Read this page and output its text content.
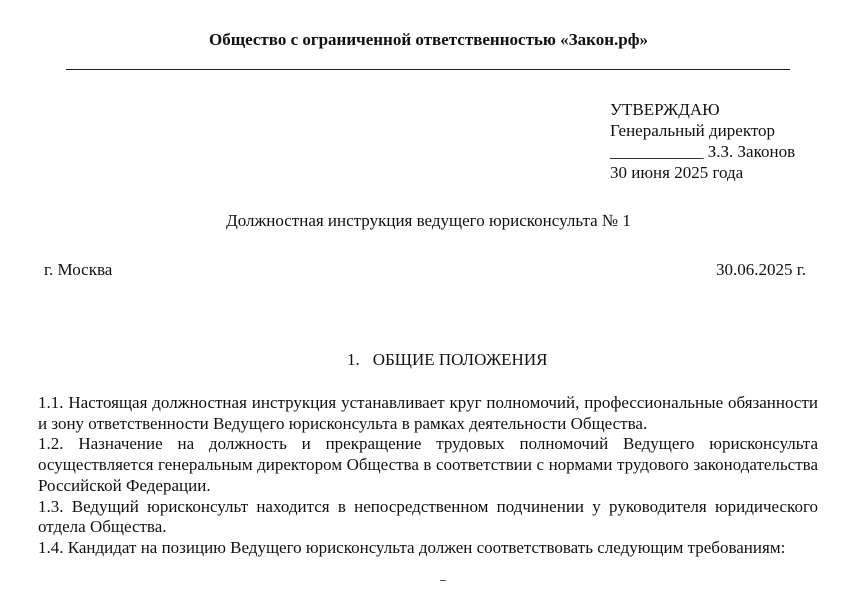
Общество с ограниченной ответственностью «Закон.рф»
УТВЕРЖДАЮ
Генеральный директор
___________ З.З. Законов
30 июня 2025 года
Должностная инструкция ведущего юрисконсульта № 1
г. Москва	30.06.2025 г.
1. ОБЩИЕ ПОЛОЖЕНИЯ

1.1. Настоящая должностная инструкция устанавливает круг полномочий, профессиональные обязанности и зону ответственности Ведущего юрисконсульта в рамках деятельности Общества.

1.2. Назначение на должность и прекращение трудовых полномочий Ведущего юрисконсульта осуществляется генеральным директором Общества в соответствии с нормами трудового законодательства Российской Федерации.

1.3. Ведущий юрисконсульт находится в непосредственном подчинении у руководителя юридического отдела Общества.

1.4. Кандидат на позицию Ведущего юрисконсульта должен соответствовать следующим требованиям:
